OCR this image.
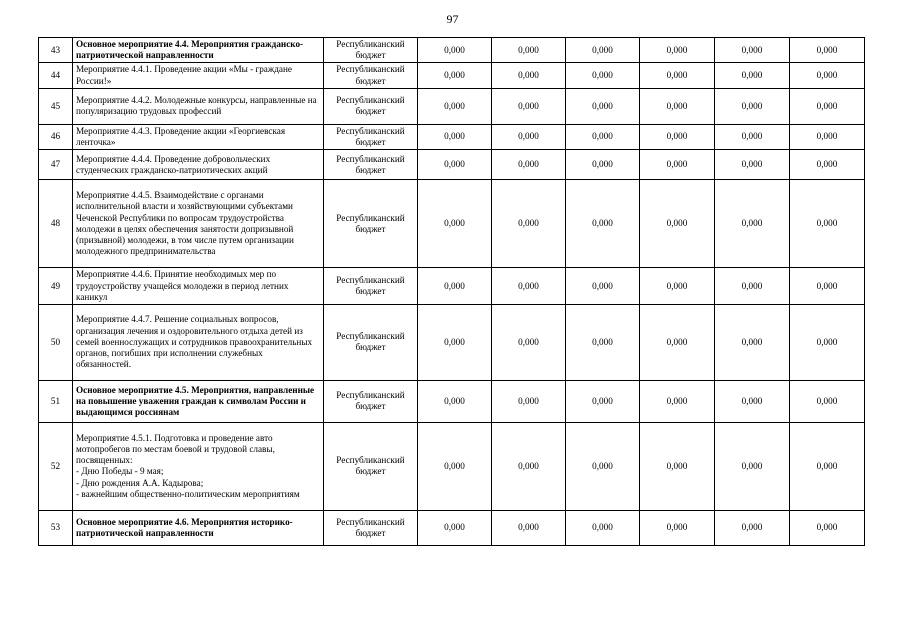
97
43	Основное мероприятие 4.4. Мероприятия гражданско-патриотической направленности	Республиканский бюджет	0,000	0,000	0,000	0,000	0,000	0,000
44	Мероприятие 4.4.1. Проведение акции «Мы - граждане России!»	Республиканский бюджет	0,000	0,000	0,000	0,000	0,000	0,000
45	Мероприятие 4.4.2. Молодежные конкурсы, направленные на популяризацию трудовых профессий	Республиканский бюджет	0,000	0,000	0,000	0,000	0,000	0,000
46	Мероприятие 4.4.3. Проведение акции «Георгиевская ленточка»	Республиканский бюджет	0,000	0,000	0,000	0,000	0,000	0,000
47	Мероприятие 4.4.4. Проведение добровольческих студенческих гражданско-патриотических акций	Республиканский бюджет	0,000	0,000	0,000	0,000	0,000	0,000
48	Мероприятие 4.4.5. Взаимодействие с органами исполнительной власти и хозяйствующими субъектами Чеченской Республики по вопросам трудоустройства молодежи в целях обеспечения занятости допризывной (призывной) молодежи, в том числе путем организации молодежного предпринимательства	Республиканский бюджет	0,000	0,000	0,000	0,000	0,000	0,000
49	Мероприятие 4.4.6. Принятие необходимых мер по трудоустройству учащейся молодежи в период летних каникул	Республиканский бюджет	0,000	0,000	0,000	0,000	0,000	0,000
50	Мероприятие 4.4.7. Решение социальных вопросов, организация лечения и оздоровительного отдыха детей из семей военнослужащих и сотрудников правоохранительных органов, погибших при исполнении служебных обязанностей.	Республиканский бюджет	0,000	0,000	0,000	0,000	0,000	0,000
51	Основное мероприятие 4.5. Мероприятия, направленные на повышение уважения граждан к символам России и выдающимся россиянам	Республиканский бюджет	0,000	0,000	0,000	0,000	0,000	0,000
52	Мероприятие 4.5.1. Подготовка и проведение авто мотопробегов по местам боевой и трудовой славы, посвященных:
- Дню Победы - 9 мая;
- Дню рождения А.А. Кадырова;
- важнейшим общественно-политическим мероприятиям	Республиканский бюджет	0,000	0,000	0,000	0,000	0,000	0,000
53	Основное мероприятие 4.6. Мероприятия историко-патриотической направленности	Республиканский бюджет	0,000	0,000	0,000	0,000	0,000	0,000
